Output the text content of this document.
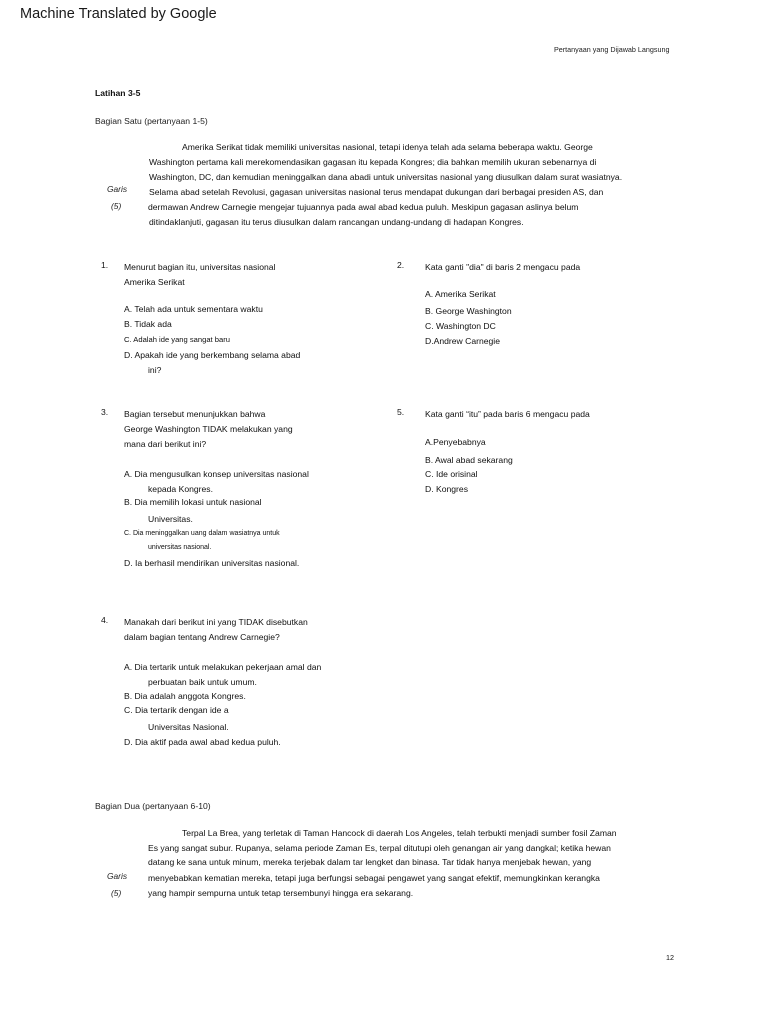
Machine Translated by Google
Pertanyaan yang Dijawab Langsung
Latihan 3-5
Bagian Satu (pertanyaan 1-5)
Amerika Serikat tidak memiliki universitas nasional, tetapi idenya telah ada selama beberapa waktu. George
Washington pertama kali merekomendasikan gagasan itu kepada Kongres; dia bahkan memilih ukuran sebenarnya di
Washington, DC, dan kemudian meninggalkan dana abadi untuk universitas nasional yang diusulkan dalam surat wasiatnya.
Selama abad setelah Revolusi, gagasan universitas nasional terus mendapat dukungan dari berbagai presiden AS, dan
dermawan Andrew Carnegie mengejar tujuannya pada awal abad kedua puluh. Meskipun gagasan aslinya belum
ditindaklanjuti, gagasan itu terus diusulkan dalam rancangan undang-undang di hadapan Kongres.
Garis
(5)
1. Menurut bagian itu, universitas nasional
Amerika Serikat
A. Telah ada untuk sementara waktu
B. Tidak ada
C. Adalah ide yang sangat baru
D. Apakah ide yang berkembang selama abad
ini?
2. Kata ganti "dia" di baris 2 mengacu pada
A. Amerika Serikat
B. George Washington
C. Washington DC
D.Andrew Carnegie
3. Bagian tersebut menunjukkan bahwa
George Washington TIDAK melakukan yang
mana dari berikut ini?
A. Dia mengusulkan konsep universitas nasional
kepada Kongres.
B. Dia memilih lokasi untuk nasional
Universitas.
C. Dia meninggalkan uang dalam wasiatnya untuk
universitas nasional.
D. Ia berhasil mendirikan universitas nasional.
5. Kata ganti “itu” pada baris 6 mengacu pada
A.Penyebabnya
B. Awal abad sekarang
C. Ide orisinal
D. Kongres
4. Manakah dari berikut ini yang TIDAK disebutkan
dalam bagian tentang Andrew Carnegie?
A. Dia tertarik untuk melakukan pekerjaan amal dan
perbuatan baik untuk umum.
B. Dia adalah anggota Kongres.
C. Dia tertarik dengan ide a
Universitas Nasional.
D. Dia aktif pada awal abad kedua puluh.
Bagian Dua (pertanyaan 6-10)
Terpal La Brea, yang terletak di Taman Hancock di daerah Los Angeles, telah terbukti menjadi sumber fosil Zaman
Es yang sangat subur. Rupanya, selama periode Zaman Es, terpal ditutupi oleh genangan air yang dangkal; ketika hewan
datang ke sana untuk minum, mereka terjebak dalam tar lengket dan binasa. Tar tidak hanya menjebak hewan, yang
menyebabkan kematian mereka, tetapi juga berfungsi sebagai pengawet yang sangat efektif, memungkinkan kerangka
yang hampir sempurna untuk tetap tersembunyi hingga era sekarang.
Garis
(5)
12
